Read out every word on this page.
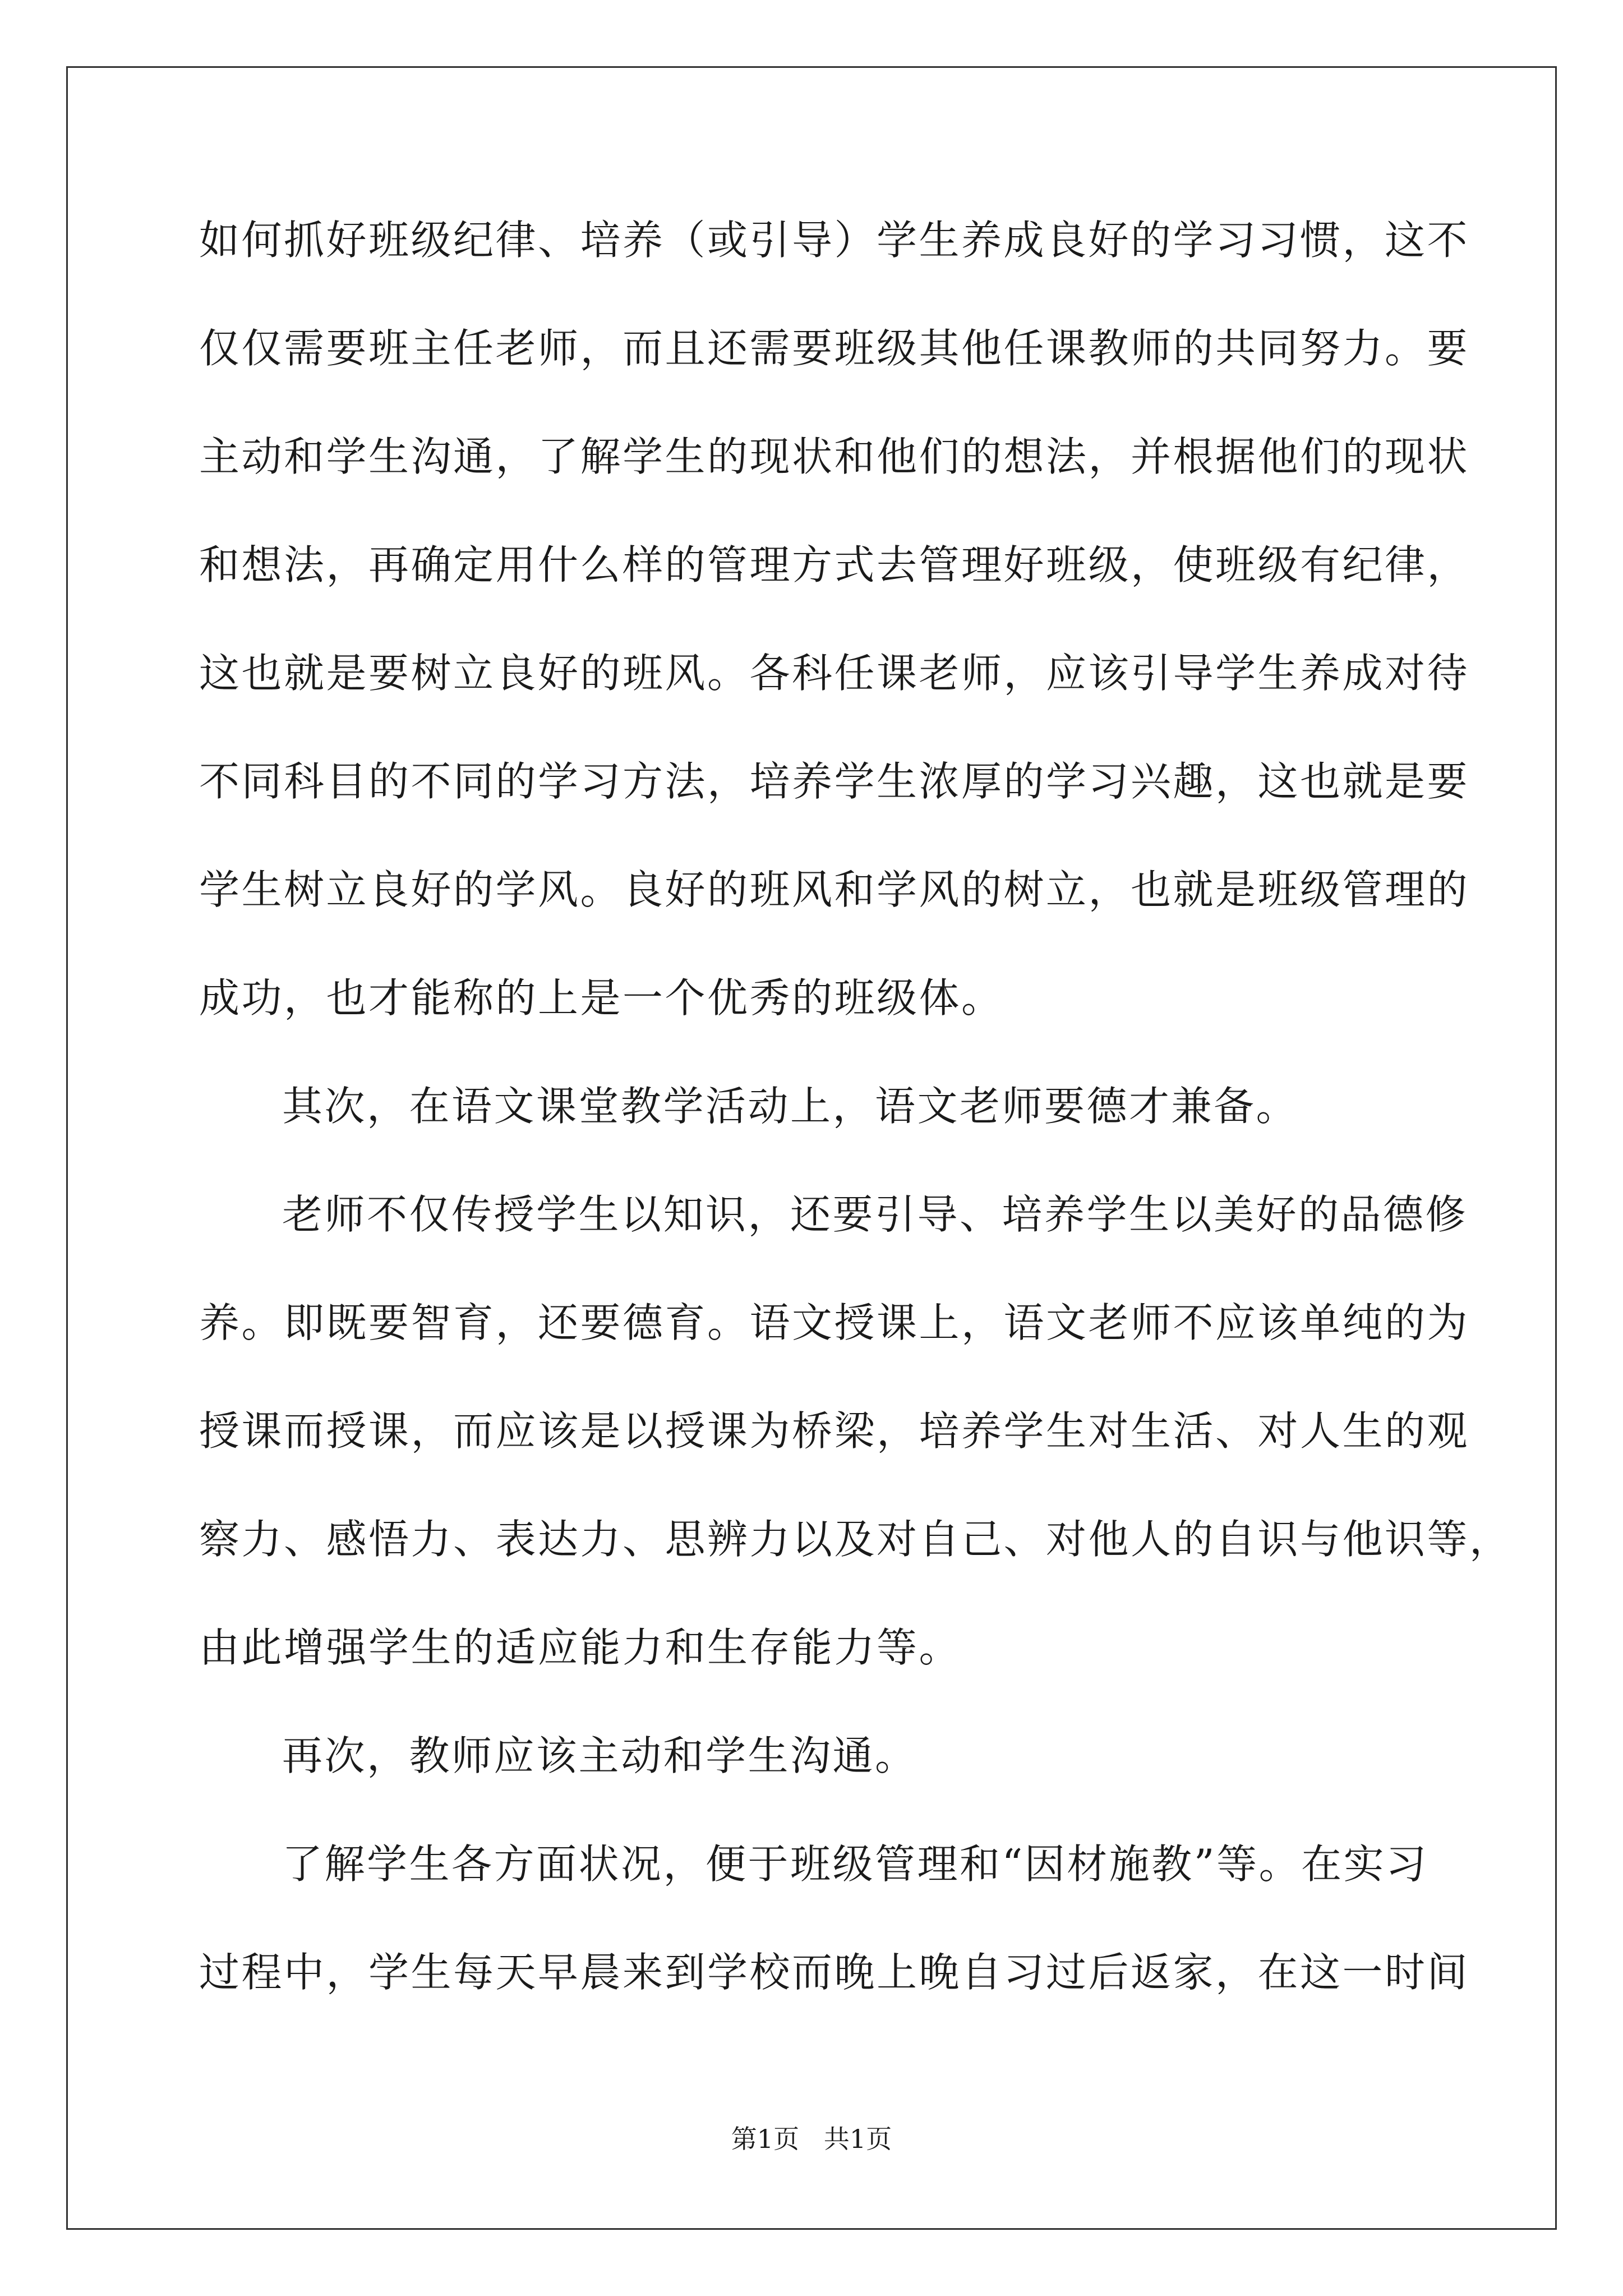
如何抓好班级纪律、培养（或引导）学生养成良好的学习习惯，这不
仅仅需要班主任老师，而且还需要班级其他任课教师的共同努力。要
主动和学生沟通，了解学生的现状和他们的想法，并根据他们的现状
和想法，再确定用什么样的管理方式去管理好班级，使班级有纪律，
这也就是要树立良好的班风。各科任课老师，应该引导学生养成对待
不同科目的不同的学习方法，培养学生浓厚的学习兴趣，这也就是要
学生树立良好的学风。良好的班风和学风的树立，也就是班级管理的
成功，也才能称的上是一个优秀的班级体。
其次，在语文课堂教学活动上，语文老师要德才兼备。
老师不仅传授学生以知识，还要引导、培养学生以美好的品德修
养。即既要智育，还要德育。语文授课上，语文老师不应该单纯的为
授课而授课，而应该是以授课为桥梁，培养学生对生活、对人生的观
察力、感悟力、表达力、思辨力以及对自己、对他人的自识与他识等，
由此增强学生的适应能力和生存能力等。
再次，教师应该主动和学生沟通。
了解学生各方面状况，便于班级管理和“因材施教”等。在实习
过程中，学生每天早晨来到学校而晚上晚自习过后返家，在这一时间
第1页   共1页
